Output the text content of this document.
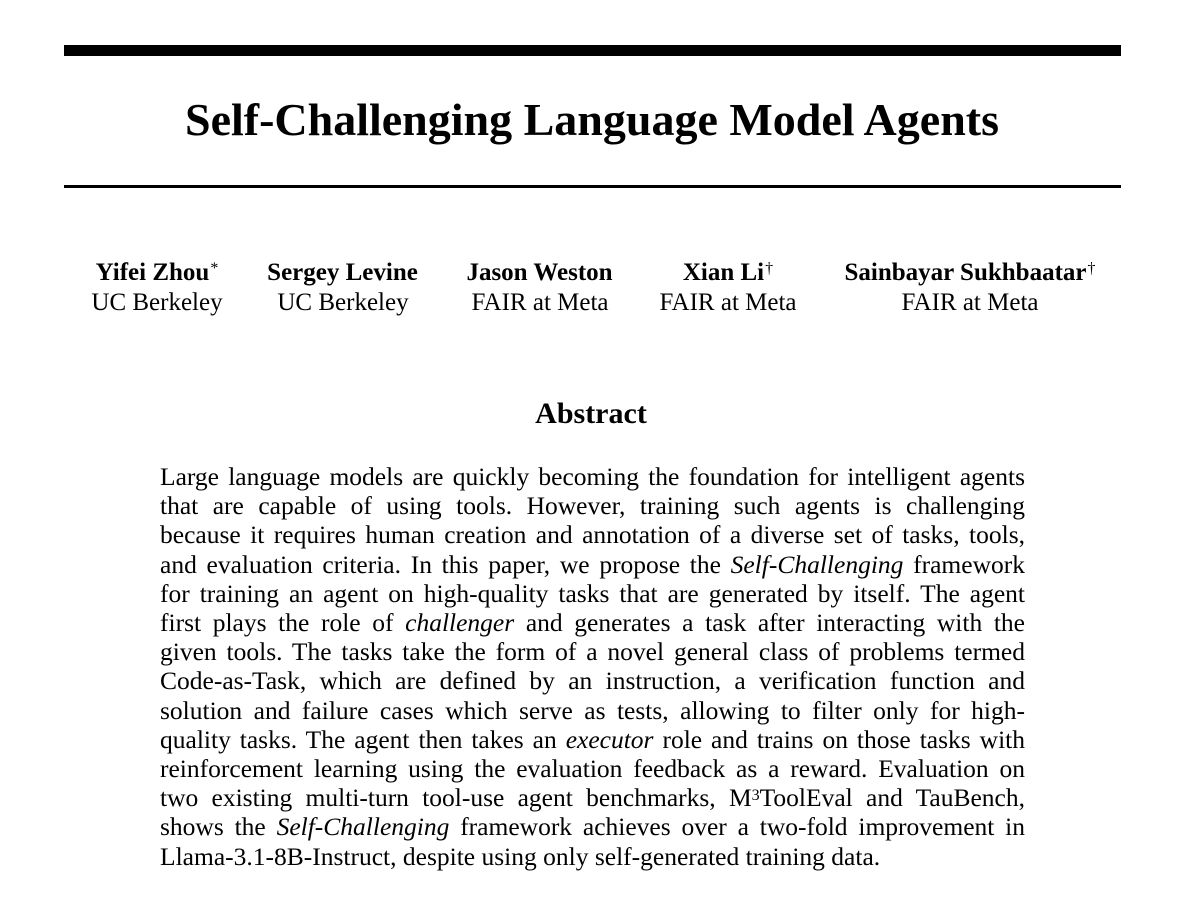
Self-Challenging Language Model Agents
Yifei Zhou*
UC Berkeley
Sergey Levine
UC Berkeley
Jason Weston
FAIR at Meta
Xian Li†
FAIR at Meta
Sainbayar Sukhbaatar†
FAIR at Meta
Abstract
Large language models are quickly becoming the foundation for intelligent agents
that are capable of using tools. However, training such agents is challenging
because it requires human creation and annotation of a diverse set of tasks, tools,
and evaluation criteria. In this paper, we propose the Self-Challenging framework
for training an agent on high-quality tasks that are generated by itself. The agent
first plays the role of challenger and generates a task after interacting with the
given tools. The tasks take the form of a novel general class of problems termed
Code-as-Task, which are defined by an instruction, a verification function and
solution and failure cases which serve as tests, allowing to filter only for high-
quality tasks. The agent then takes an executor role and trains on those tasks with
reinforcement learning using the evaluation feedback as a reward. Evaluation on
two existing multi-turn tool-use agent benchmarks, $M^3ToolEval$ and TauBench,
shows the Self-Challenging framework achieves over a two-fold improvement in
Llama-3.1-8B-Instruct, despite using only self-generated training data.
